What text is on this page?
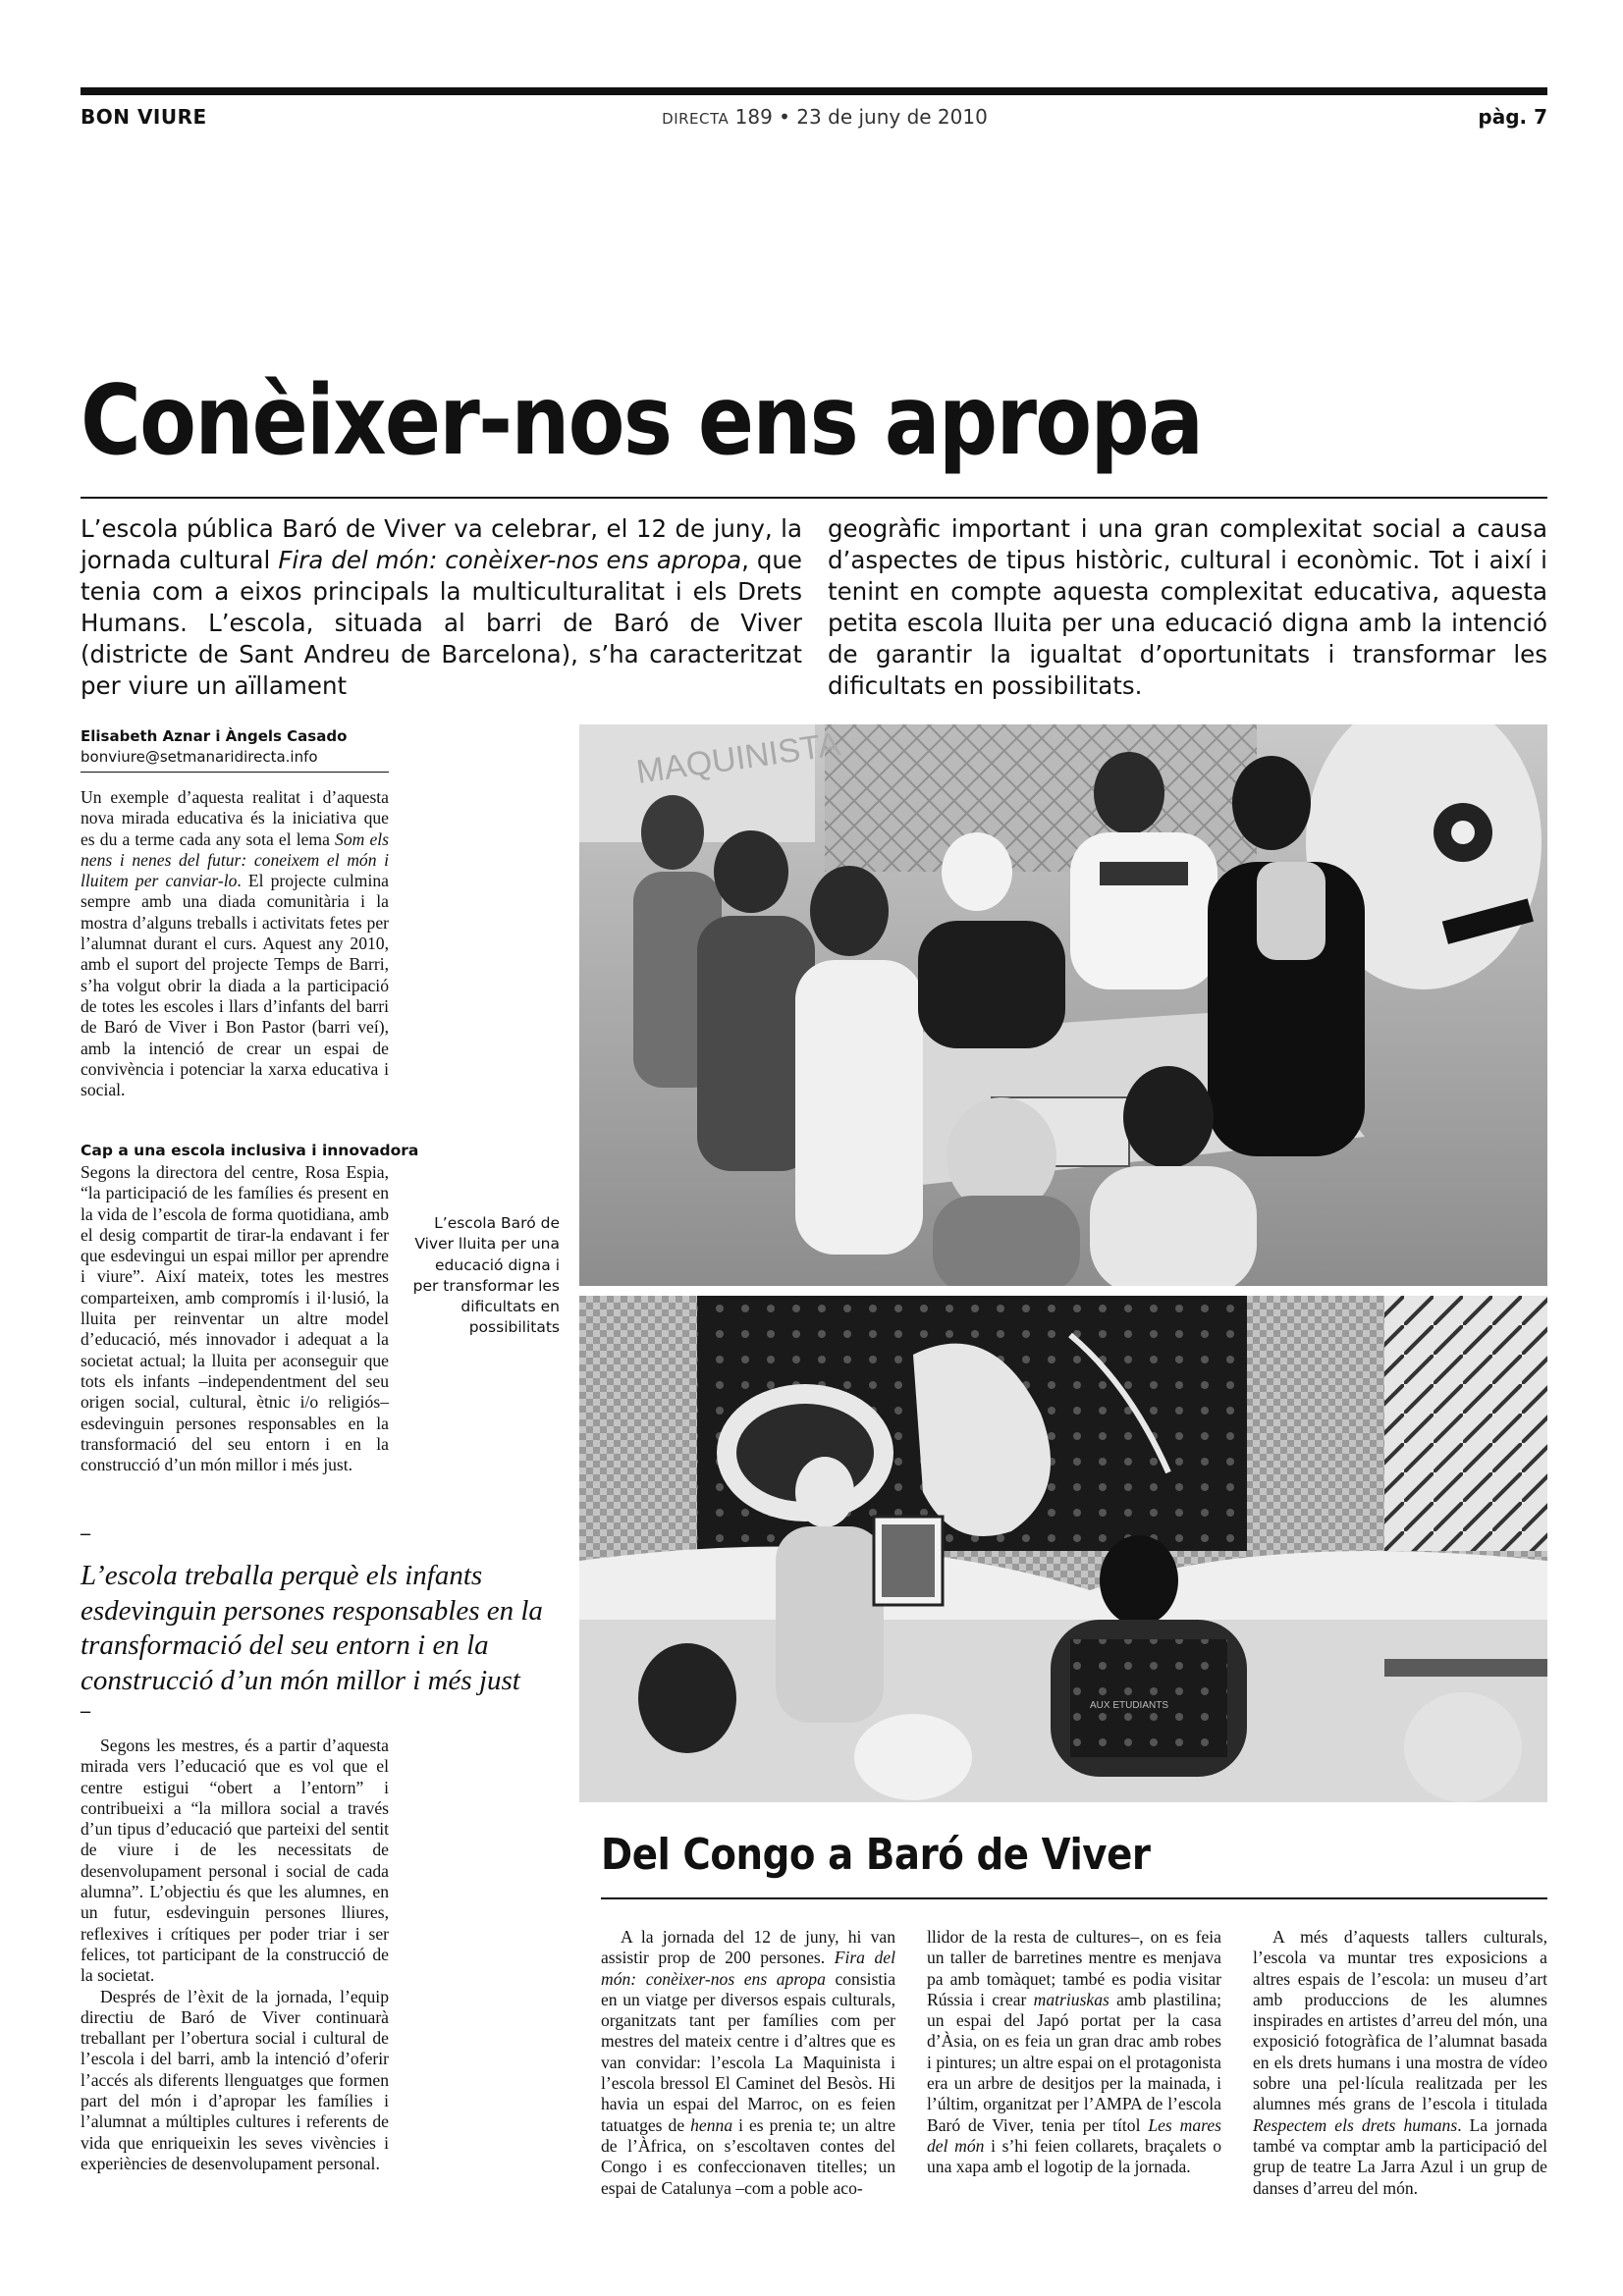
BON VIURE	DIRECTA 189 • 23 de juny de 2010	pàg. 7
Conèixer-nos ens apropa
L’escola pública Baró de Viver va celebrar, el 12 de juny, la jornada cultural Fira del món: conèixer-nos ens apropa, que tenia com a eixos principals la multiculturalitat i els Drets Humans. L’escola, situada al barri de Baró de Viver (districte de Sant Andreu de Barcelona), s’ha caracteritzat per viure un aïllament
geogràfic important i una gran complexitat social a causa d’aspectes de tipus històric, cultural i econòmic. Tot i així i tenint en compte aquesta complexitat educativa, aquesta petita escola lluita per una educació digna amb la intenció de garantir la igualtat d’oportunitats i transformar les dificultats en possibilitats.
Elisabeth Aznar i Àngels Casado
bonviure@setmanaridirecta.info
Un exemple d’aquesta realitat i d’aquesta nova mirada educativa és la iniciativa que es du a terme cada any sota el lema Som els nens i nenes del futur: coneixem el món i lluitem per canviar-lo. El projecte culmina sempre amb una diada comunitària i la mostra d’alguns treballs i activitats fetes per l’alumnat durant el curs. Aquest any 2010, amb el suport del projecte Temps de Barri, s’ha volgut obrir la diada a la participació de totes les escoles i llars d’infants del barri de Baró de Viver i Bon Pastor (barri veí), amb la intenció de crear un espai de convivència i potenciar la xarxa educativa i social.
Cap a una escola inclusiva i innovadora
Segons la directora del centre, Rosa Espia, “la participació de les famílies és present en la vida de l’escola de forma quotidiana, amb el desig compartit de tirar-la endavant i fer que esdevingui un espai millor per aprendre i viure”. Així mateix, totes les mestres comparteixen, amb compromís i il·lusió, la lluita per reinventar un altre model d’educació, més innovador i adequat a la societat actual; la lluita per aconseguir que tots els infants –independentment del seu origen social, cultural, ètnic i/o religiós– esdevinguin persones responsables en la transformació del seu entorn i en la construcció d’un món millor i més just.
L’escola Baró de Viver lluita per una educació digna i per transformar les dificultats en possibilitats
–
L’escola treballa perquè els infants esdevinguin persones responsables en la transformació del seu entorn i en la construcció d’un món millor i més just
–

Segons les mestres, és a partir d’aquesta mirada vers l’educació que es vol que el centre estigui “obert a l’entorn” i contribueixi a “la millora social a través d’un tipus d’educació que parteixi del sentit de viure i de les necessitats de desenvolupament personal i social de cada alumna”. L’objectiu és que les alumnes, en un futur, esdevinguin persones lliures, reflexives i crítiques per poder triar i ser felices, tot participant de la construcció de la societat.

Després de l’èxit de la jornada, l’equip directiu de Baró de Viver continuarà treballant per l’obertura social i cultural de l’escola i del barri, amb la intenció d’oferir l’accés als diferents llenguatges que formen part del món i d’apropar les famílies i l’alumnat a múltiples cultures i referents de vida que enriqueixin les seves vivències i experiències de desenvolupament personal.

MAQUINISTA
AUX ETUDIANTS
Del Congo a Baró de Viver
A la jornada del 12 de juny, hi van assistir prop de 200 persones. Fira del món: conèixer-nos ens apropa consistia en un viatge per diversos espais culturals, organitzats tant per famílies com per mestres del mateix centre i d’altres que es van convidar: l’escola La Maquinista i l’escola bressol El Caminet del Besòs. Hi havia un espai del Marroc, on es feien tatuatges de henna i es prenia te; un altre de l’Àfrica, on s’escoltaven contes del Congo i es confeccionaven titelles; un espai de Catalunya –com a poble aco-
llidor de la resta de cultures–, on es feia un taller de barretines mentre es menjava pa amb tomàquet; també es podia visitar Rússia i crear matriuskas amb plastilina; un espai del Japó portat per la casa d’Àsia, on es feia un gran drac amb robes i pintures; un altre espai on el protagonista era un arbre de desitjos per la mainada, i l’últim, organitzat per l’AMPA de l’escola Baró de Viver, tenia per títol Les mares del món i s’hi feien collarets, braçalets o una xapa amb el logotip de la jornada.
A més d’aquests tallers culturals, l’escola va muntar tres exposicions a altres espais de l’escola: un museu d’art amb produccions de les alumnes inspirades en artistes d’arreu del món, una exposició fotogràfica de l’alumnat basada en els drets humans i una mostra de vídeo sobre una pel·lícula realitzada per les alumnes més grans de l’escola i titulada Respectem els drets humans. La jornada també va comptar amb la participació del grup de teatre La Jarra Azul i un grup de danses d’arreu del món.
